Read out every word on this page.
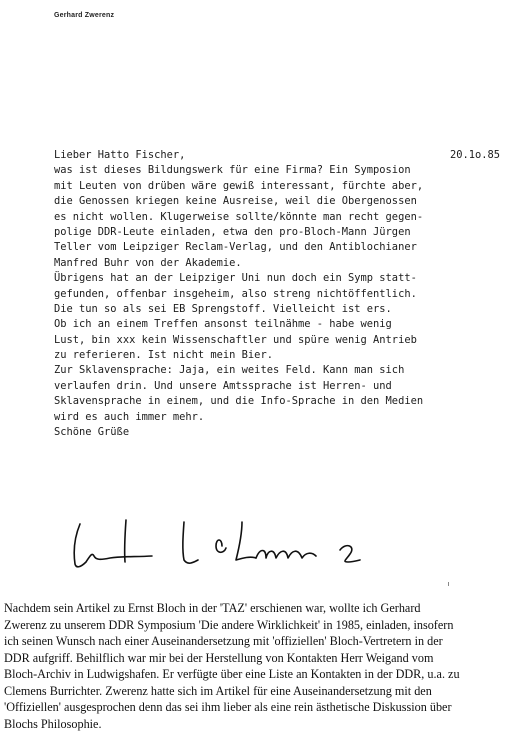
Gerhard Zwerenz
20.1o.85
Lieber Hatto Fischer,
was ist dieses Bildungswerk für eine Firma? Ein Symposion
mit Leuten von drüben wäre gewiß interessant, fürchte aber,
die Genossen kriegen keine Ausreise, weil die Obergenossen
es nicht wollen. Klugerweise sollte/könnte man recht gegen-
polige DDR-Leute einladen, etwa den pro-Bloch-Mann Jürgen
Teller vom Leipziger Reclam-Verlag, und den Antiblochianer
Manfred Buhr von der Akademie.
Übrigens hat an der Leipziger Uni nun doch ein Symp statt-
gefunden, offenbar insgeheim, also streng nichtöffentlich.
Die tun so als sei EB Sprengstoff. Vielleicht ist ers.
Ob ich an einem Treffen ansonst teilnähme - habe wenig
Lust, bin xxx kein Wissenschaftler und spüre wenig Antrieb
zu referieren. Ist nicht mein Bier.
Zur Sklavensprache: Jaja, ein weites Feld. Kann man sich
verlaufen drin. Und unsere Amtssprache ist Herren- und
Sklavensprache in einem, und die Info-Sprache in den Medien
wird es auch immer mehr.
Schöne Grüße
Nachdem sein Artikel zu Ernst Bloch in der 'TAZ' erschienen war, wollte ich Gerhard
Zwerenz zu unserem DDR Symposium 'Die andere Wirklichkeit' in 1985, einladen, insofern
ich seinen Wunsch nach einer Auseinandersetzung mit 'offiziellen' Bloch-Vertretern in der
DDR aufgriff. Behilflich war mir bei der Herstellung von Kontakten Herr Weigand vom
Bloch-Archiv in Ludwigshafen. Er verfügte über eine Liste an Kontakten in der DDR, u.a. zu
Clemens Burrichter. Zwerenz hatte sich im Artikel für eine Auseinandersetzung mit den
'Offiziellen' ausgesprochen denn das sei ihm lieber als eine rein ästhetische Diskussion über
Blochs Philosophie.
